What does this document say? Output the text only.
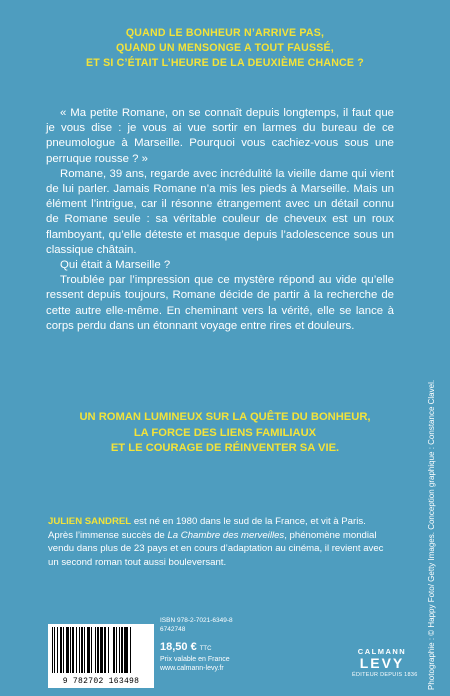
QUAND LE BONHEUR N’ARRIVE PAS,
QUAND UN MENSONGE A TOUT FAUSSÉ,
ET SI C’ÉTAIT L’HEURE DE LA DEUXIÈME CHANCE ?

« Ma petite Romane, on se connaît depuis longtemps, il faut que je vous dise : je vous ai vue sortir en larmes du bureau de ce pneumologue à Marseille. Pourquoi vous cachiez-vous sous une perruque rousse ? »

Romane, 39 ans, regarde avec incrédulité la vieille dame qui vient de lui parler. Jamais Romane n’a mis les pieds à Marseille. Mais un élément l’intrigue, car il résonne étrangement avec un détail connu de Romane seule : sa véritable couleur de cheveux est un roux flamboyant, qu’elle déteste et masque depuis l’adolescence sous un classique châtain.

Qui était à Marseille ?

Troublée par l’impression que ce mystère répond au vide qu’elle ressent depuis toujours, Romane décide de partir à la recherche de cette autre elle-même. En cheminant vers la vérité, elle se lance à corps perdu dans un étonnant voyage entre rires et douleurs.

UN ROMAN LUMINEUX SUR LA QUÊTE DU BONHEUR,
LA FORCE DES LIENS FAMILIAUX
ET LE COURAGE DE RÉINVENTER SA VIE.

JULIEN SANDREL est né en 1980 dans le sud de la France, et vit à Paris.

Après l’immense succès de La Chambre des merveilles, phénomène mondial vendu dans plus de 23 pays et en cours d’adaptation au cinéma, il revient avec un second roman tout aussi bouleversant.

9 782702 163498
ISBN 978-2-7021-6349-8
6742748
18,50 € TTC
Prix valable en France
www.calmann-levy.fr
CALMANN
LEVY
ÉDITEUR DEPUIS 1836 Photographie : © Happy Foto/ Getty Images. Conception graphique : Constance Clavel.
